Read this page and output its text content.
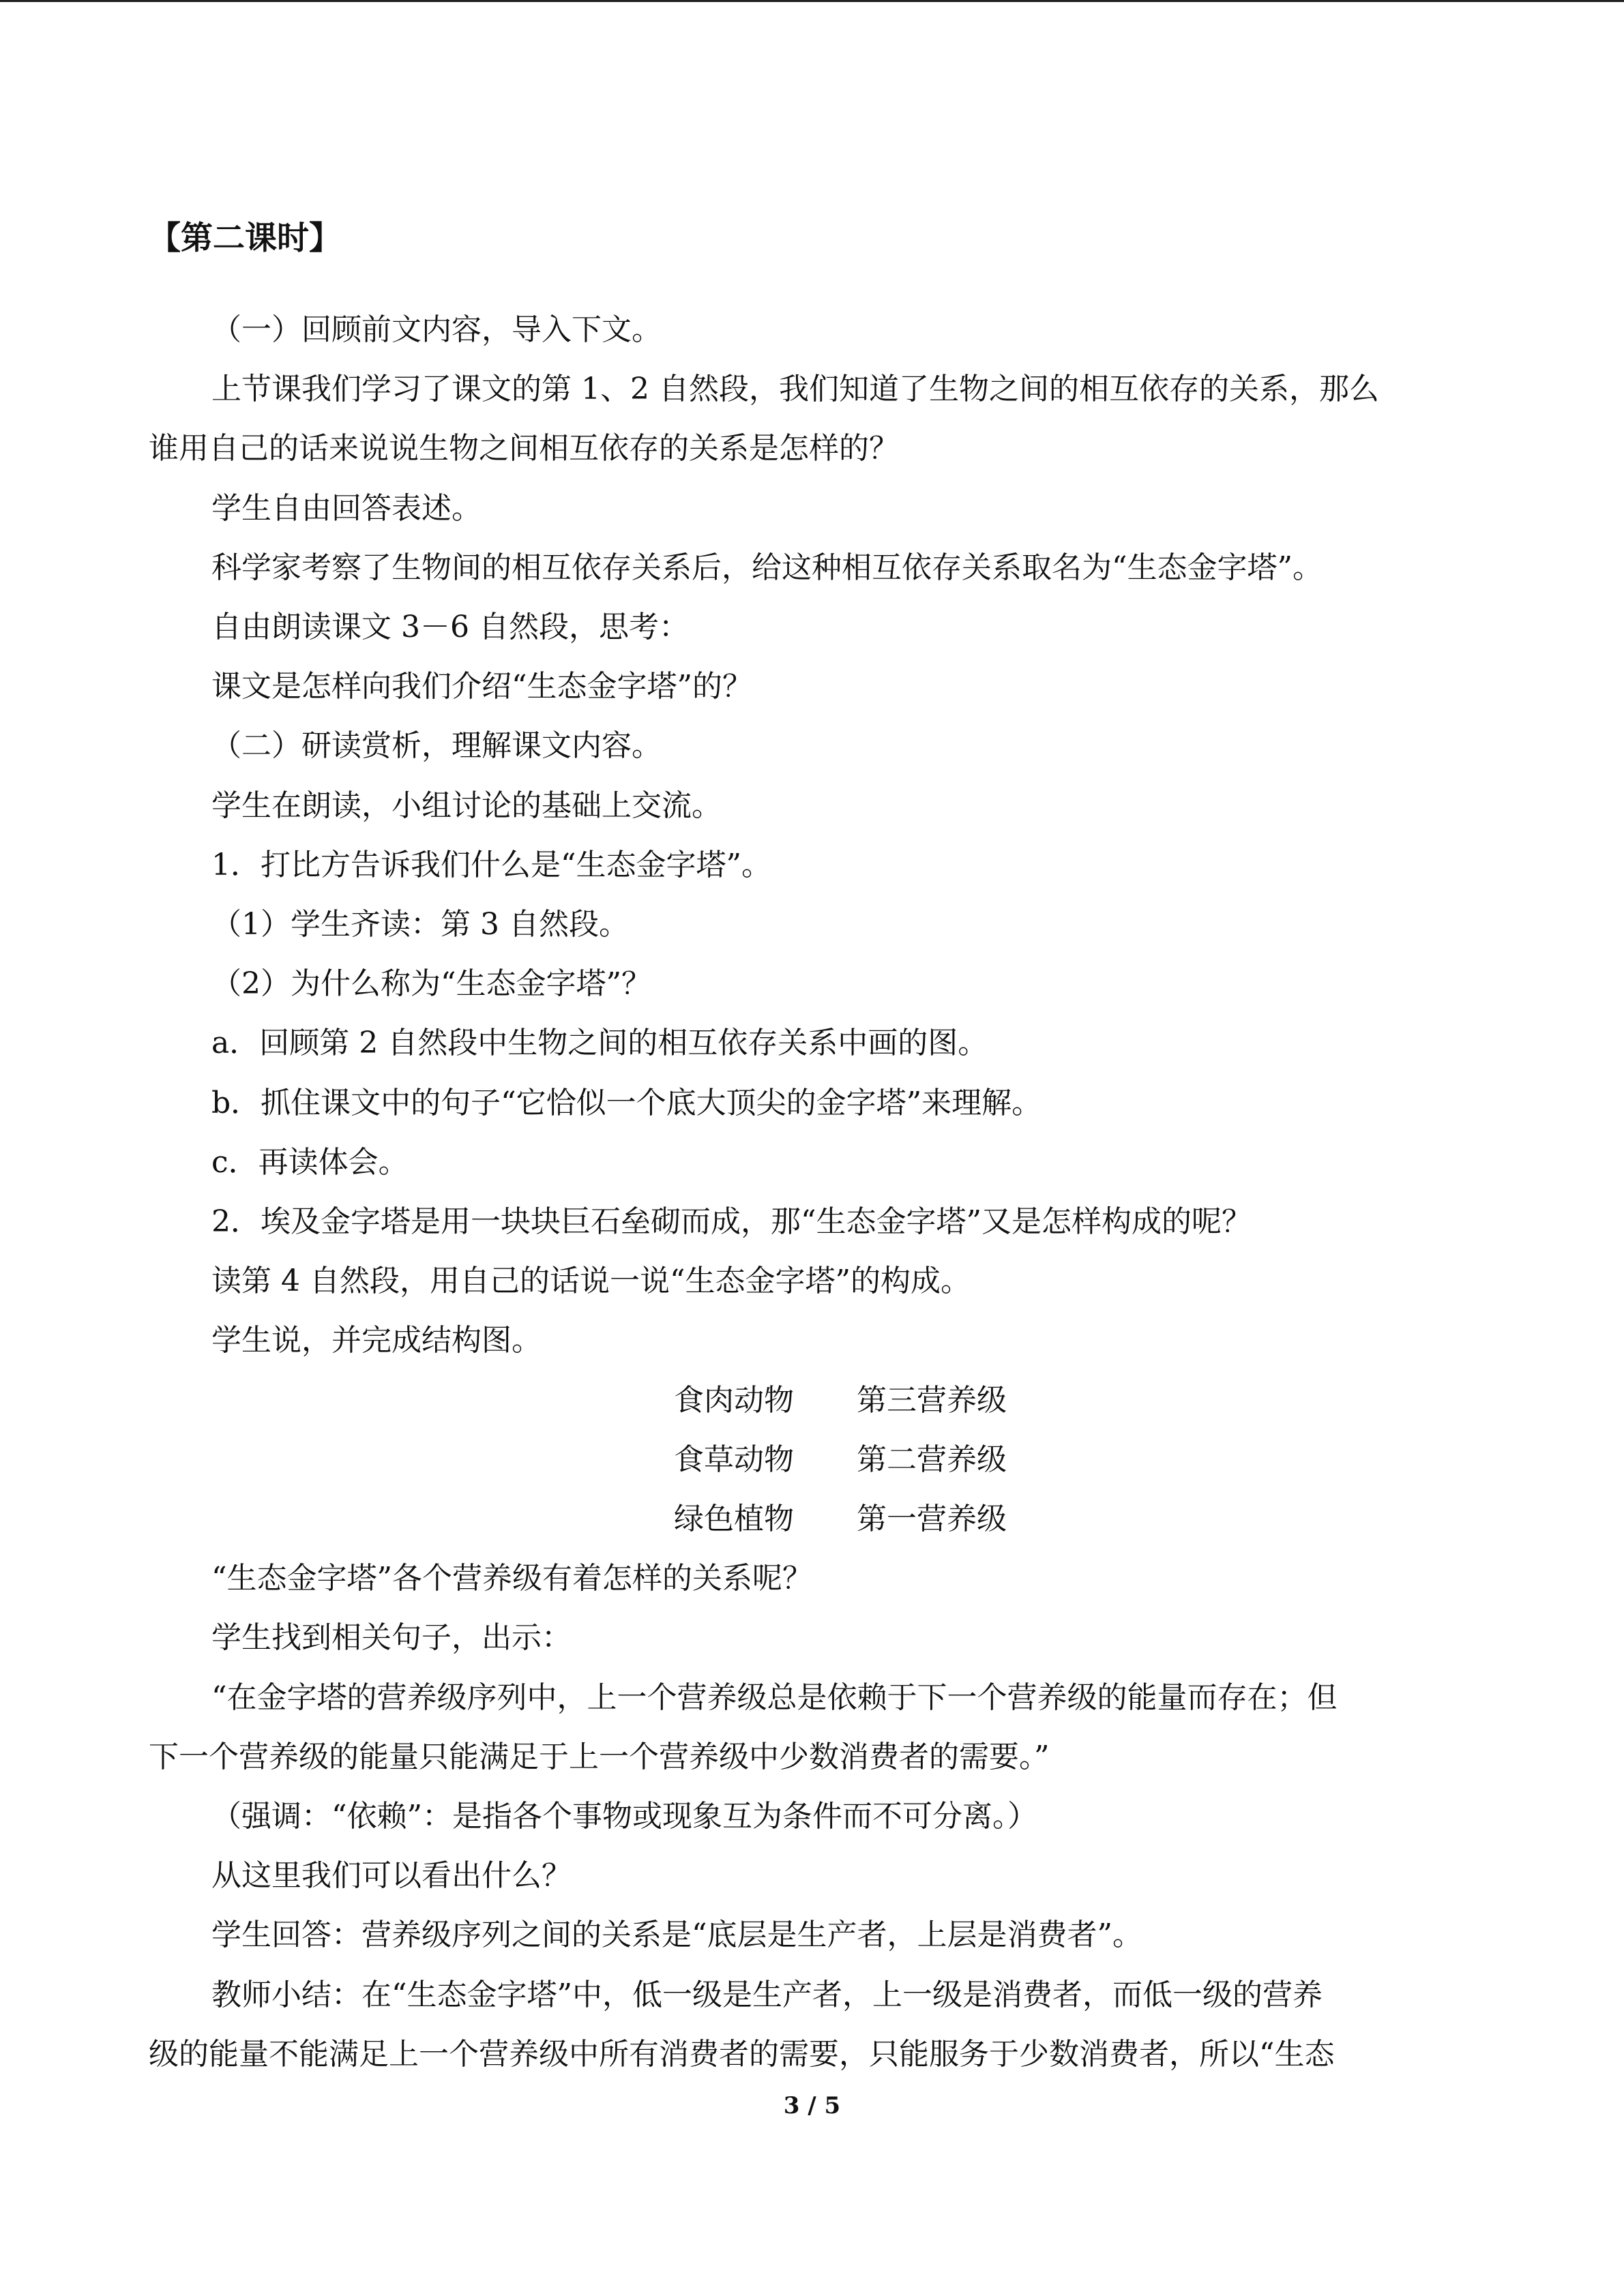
【第二课时】
（一）回顾前文内容，导入下文。
上节课我们学习了课文的第 1、2 自然段，我们知道了生物之间的相互依存的关系，那么
谁用自己的话来说说生物之间相互依存的关系是怎样的？
学生自由回答表述。
科学家考察了生物间的相互依存关系后，给这种相互依存关系取名为“生态金字塔”。
自由朗读课文 3－6 自然段，思考：
课文是怎样向我们介绍“生态金字塔”的？
（二）研读赏析，理解课文内容。
学生在朗读，小组讨论的基础上交流。
1．打比方告诉我们什么是“生态金字塔”。
（1）学生齐读：第 3 自然段。
（2）为什么称为“生态金字塔”？
a．回顾第 2 自然段中生物之间的相互依存关系中画的图。
b．抓住课文中的句子“它恰似一个底大顶尖的金字塔”来理解。
c．再读体会。
2．埃及金字塔是用一块块巨石垒砌而成，那“生态金字塔”又是怎样构成的呢？
读第 4 自然段，用自己的话说一说“生态金字塔”的构成。
学生说，并完成结构图。
食肉动物 第三营养级
食草动物 第二营养级
绿色植物 第一营养级
“生态金字塔”各个营养级有着怎样的关系呢？
学生找到相关句子，出示：
“在金字塔的营养级序列中，上一个营养级总是依赖于下一个营养级的能量而存在；但
下一个营养级的能量只能满足于上一个营养级中少数消费者的需要。”
（强调：“依赖”：是指各个事物或现象互为条件而不可分离。）
从这里我们可以看出什么？
学生回答：营养级序列之间的关系是“底层是生产者，上层是消费者”。
教师小结：在“生态金字塔”中，低一级是生产者，上一级是消费者，而低一级的营养
级的能量不能满足上一个营养级中所有消费者的需要，只能服务于少数消费者，所以“生态
3 / 5
